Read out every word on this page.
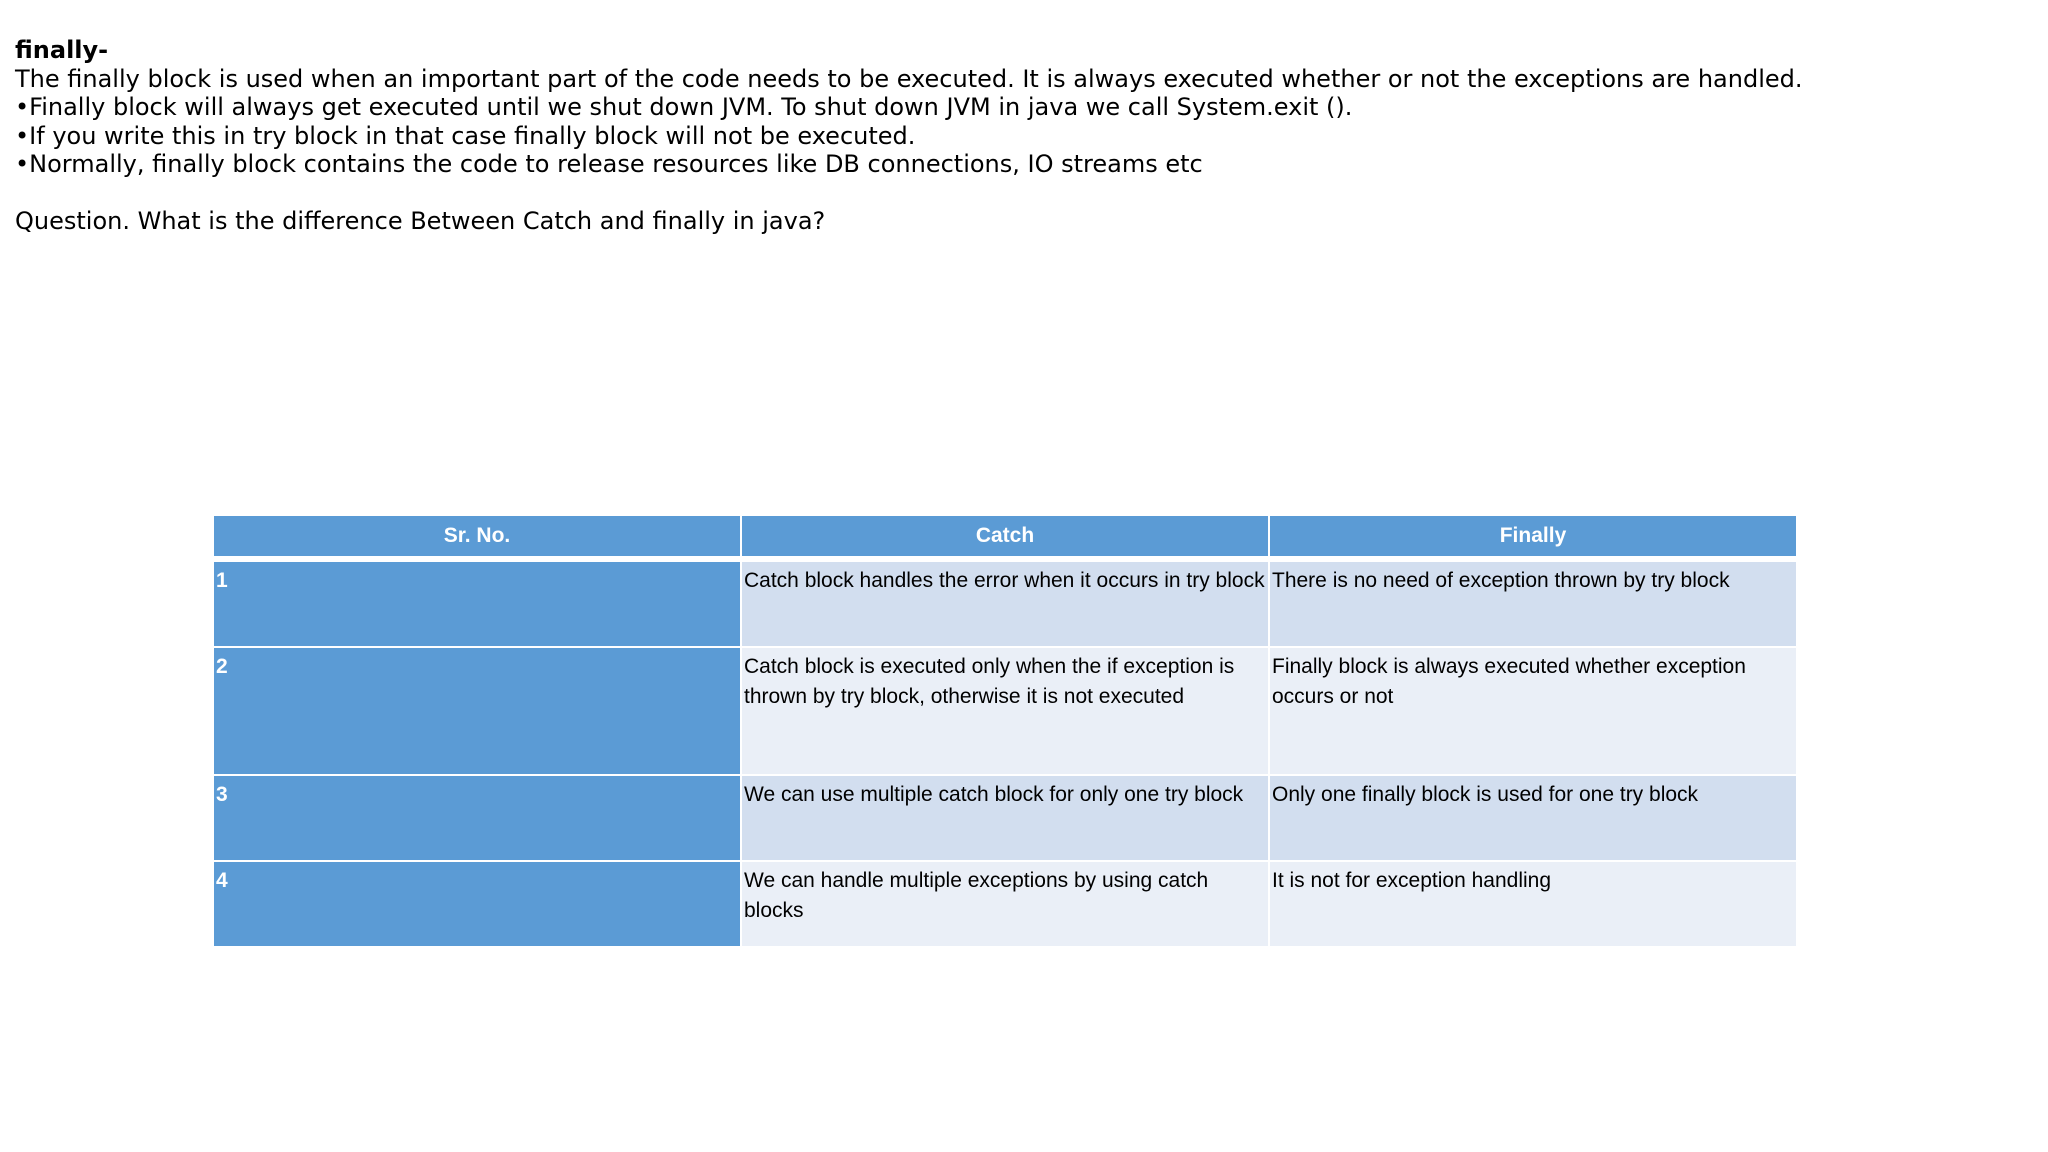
finally-
The finally block is used when an important part of the code needs to be executed. It is always executed whether or not the exceptions are handled.
•Finally block will always get executed until we shut down JVM. To shut down JVM in java we call System.exit ().
•If you write this in try block in that case finally block will not be executed.
•Normally, finally block contains the code to release resources like DB connections, IO streams etc
Question. What is the difference Between Catch and finally in java?
Sr. No.	Catch	Finally
1	Catch block handles the error when it occurs in try block	There is no need of exception thrown by try block
2	Catch block is executed only when the if exception is thrown by try block, otherwise it is not executed	Finally block is always executed whether exception occurs or not
3	We can use multiple catch block for only one try block	Only one finally block is used for one try block
4	We can handle multiple exceptions by using catch blocks	It is not for exception handling
